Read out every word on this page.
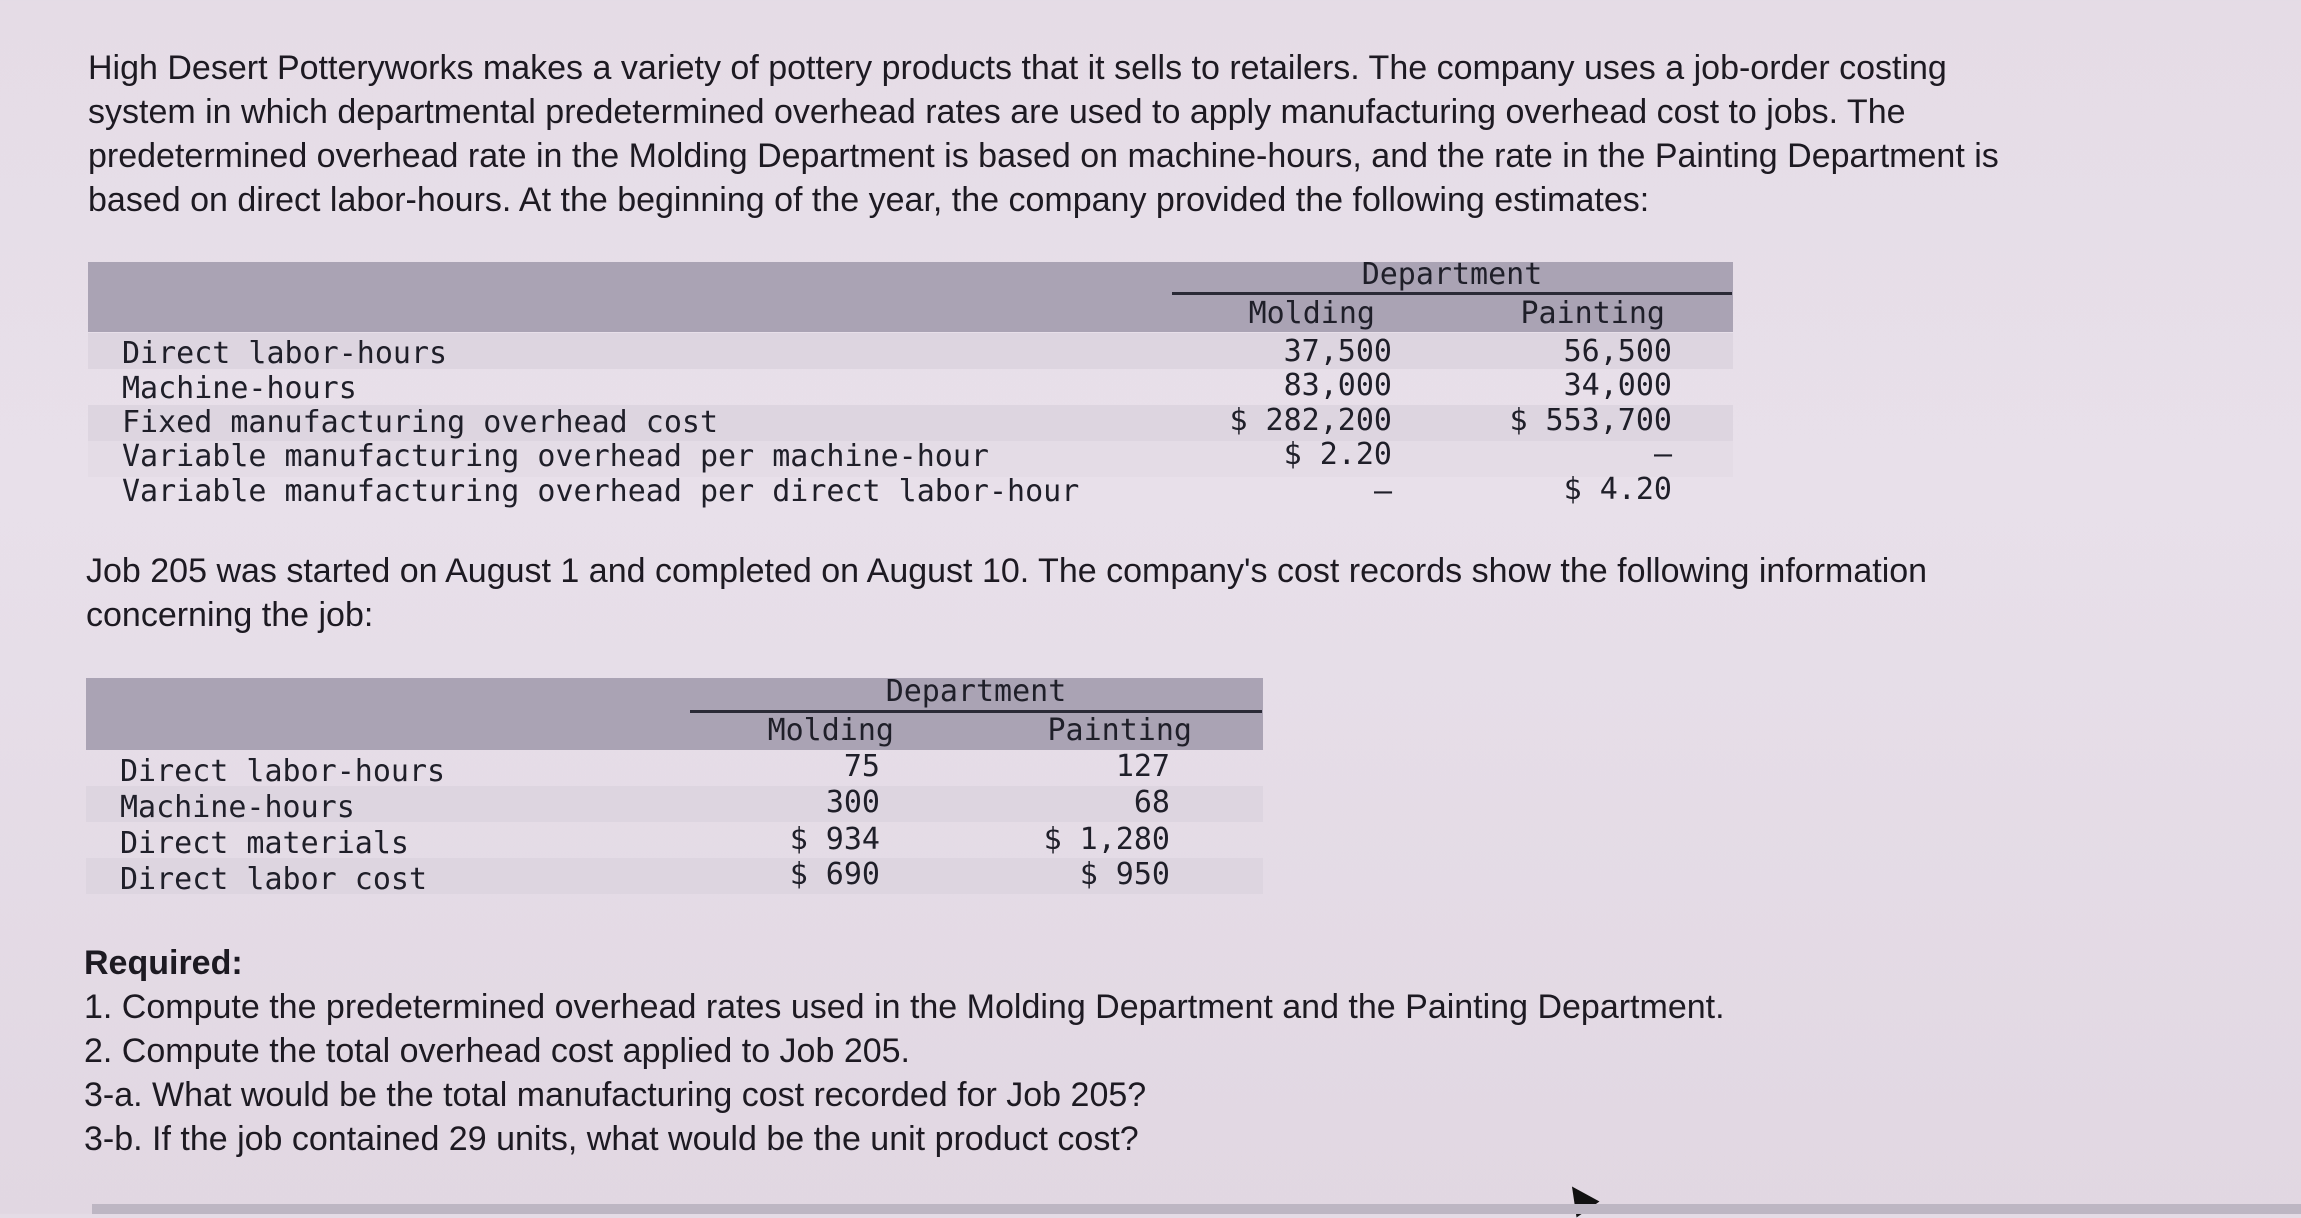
High Desert Potteryworks makes a variety of pottery products that it sells to retailers. The company uses a job-order costing
system in which departmental predetermined overhead rates are used to apply manufacturing overhead cost to jobs. The
predetermined overhead rate in the Molding Department is based on machine-hours, and the rate in the Painting Department is
based on direct labor-hours. At the beginning of the year, the company provided the following estimates:
Department
Molding	Painting
Direct labor-hours	37,500	56,500
Machine-hours	83,000	34,000
Fixed manufacturing overhead cost	$ 282,200	$ 553,700
Variable manufacturing overhead per machine-hour	$ 2.20	–
Variable manufacturing overhead per direct labor-hour	–	$ 4.20
Job 205 was started on August 1 and completed on August 10. The company's cost records show the following information
concerning the job:
Department
Molding	Painting
Direct labor-hours	75	127
Machine-hours	300	68
Direct materials	$ 934	$ 1,280
Direct labor cost	$ 690	$ 950
Required:
1. Compute the predetermined overhead rates used in the Molding Department and the Painting Department.
2. Compute the total overhead cost applied to Job 205.
3-a. What would be the total manufacturing cost recorded for Job 205?
3-b. If the job contained 29 units, what would be the unit product cost?
